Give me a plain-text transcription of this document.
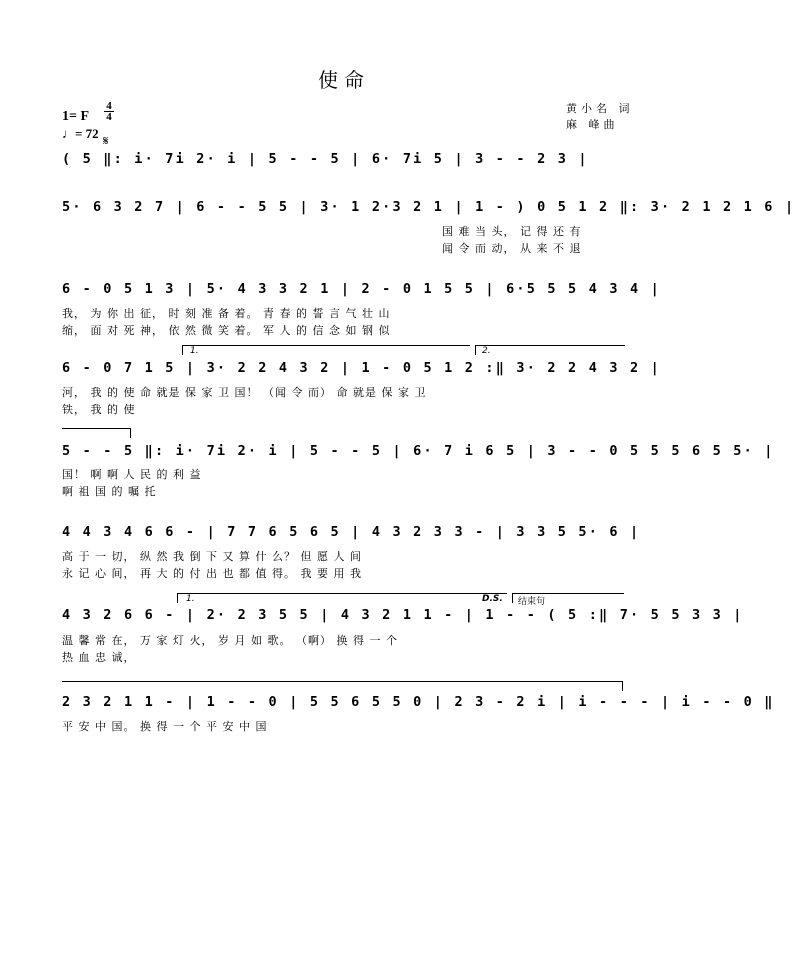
使命
黄小名 词
麻 峰曲
1= F
4

4
♩= 72
𝄋
( 5 ‖: i· 7i 2· i | 5 - - 5 | 6· 7i 5 | 3 - - 2 3 |
5· 6 3 2 7 | 6 - - 5 5 | 3· 1 2·3 2 1 | 1 - ) 0 5 1 2 ‖: 3· 2 1 2 1 6 |
国 难 当 头， 记 得 还 有
闻 令 而 动， 从 来 不 退
6 - 0 5 1 3 | 5· 4 3 3 2 1 | 2 - 0 1 5 5 | 6·5 5 5 4 3 4 |
我， 为 你 出 征， 时 刻 准 备 着。 青 春 的 誓 言 气 壮 山
缩， 面 对 死 神， 依 然 微 笑 着。 军 人 的 信 念 如 钢 似
1.	2.
6 - 0 7 1 5 | 3· 2 2 4 3 2 | 1 - 0 5 1 2 :‖ 3· 2 2 4 3 2 |
河， 我 的 使 命 就是 保 家 卫 国！ （闻 令 而） 命 就是 保 家 卫
铁， 我 的 使
5 - - 5 ‖: i· 7i 2· i | 5 - - 5 | 6· 7 i 6 5 | 3 - - 0 5 5 5 6 5 5· |
国！ 啊 啊 人 民 的 利 益
啊 祖 国 的 嘱 托
4 4 3 4 6 6 - | 7 7 6 5 6 5 | 4 3 2 3 3 - | 3 3 5 5· 6 |
高 于 一 切， 纵 然 我 倒 下 又 算 什 么？ 但 愿 人 间
永 记 心 间， 再 大 的 付 出 也 都 值 得。 我 要 用 我
1.	D.S. 结束句
4 3 2 6 6 - | 2· 2 3 5 5 | 4 3 2 1 1 - | 1 - - ( 5 :‖ 7· 5 5 3 3 |
温 馨 常 在， 万 家 灯 火， 岁 月 如 歌。 （啊） 换 得 一 个
热 血 忠 诚，
2 3 2 1 1 - | 1 - - 0 | 5 5 6 5 5 0 | 2 3 - 2 i | i - - - | i - - 0 ‖
平 安 中 国。 换 得 一 个 平 安 中 国
